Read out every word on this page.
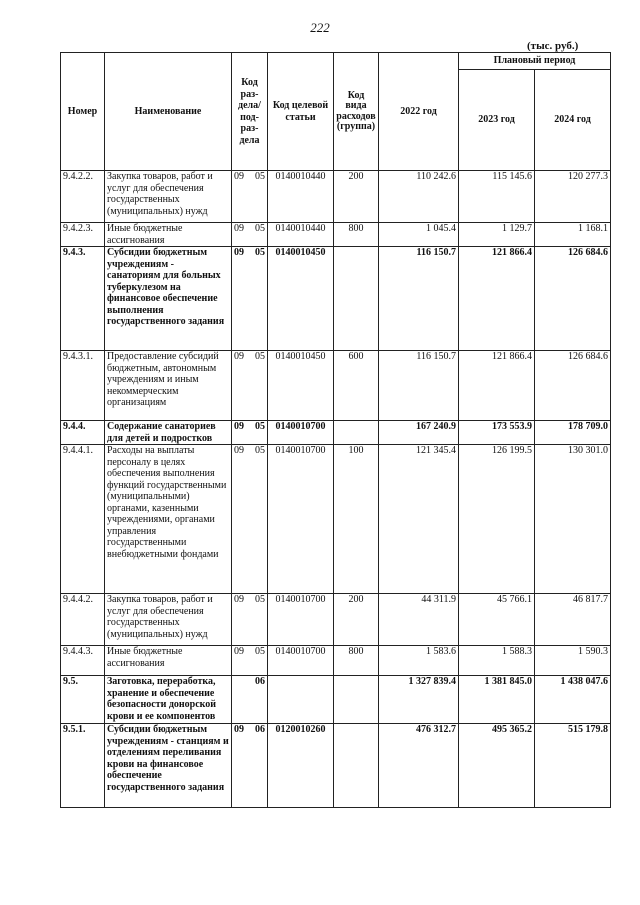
222
(тыс. руб.)
Номер	Наименование	Код раз-дела/ под-раз-дела	Код целевой статьи	Код вида расходов (группа)	2022 год	Плановый период	
						2023 год	2024 год

9.4.2.2.	Закупка товаров, работ и услуг для обеспечения государственных (муниципальных) нужд	09 05	0140010440	200	110 242.6	115 145.6	120 277.3
9.4.2.3.	Иные бюджетные ассигнования	09 05	0140010440	800	1 045.4	1 129.7	1 168.1
9.4.3.	Субсидии бюджетным учреждениям - санаториям для больных туберкулезом на финансовое обеспечение выполнения государственного задания	09 05	0140010450		116 150.7	121 866.4	126 684.6
9.4.3.1.	Предоставление субсидий бюджетным, автономным учреждениям и иным некоммерческим организациям	09 05	0140010450	600	116 150.7	121 866.4	126 684.6
9.4.4.	Содержание санаториев для детей и подростков	09 05	0140010700		167 240.9	173 553.9	178 709.0
9.4.4.1.	Расходы на выплаты персоналу в целях обеспечения выполнения функций государственными (муниципальными) органами, казенными учреждениями, органами управления государственными внебюджетными фондами	09 05	0140010700	100	121 345.4	126 199.5	130 301.0
9.4.4.2.	Закупка товаров, работ и услуг для обеспечения государственных (муниципальных) нужд	09 05	0140010700	200	44 311.9	45 766.1	46 817.7
9.4.4.3.	Иные бюджетные ассигнования	09 05	0140010700	800	1 583.6	1 588.3	1 590.3
9.5.	Заготовка, переработка, хранение и обеспечение безопасности донорской крови и ее компонентов	06			1 327 839.4	1 381 845.0	1 438 047.6
9.5.1.	Субсидии бюджетным учреждениям - станциям и отделениям переливания крови на финансовое обеспечение государственного задания	09 06	0120010260		476 312.7	495 365.2	515 179.8
